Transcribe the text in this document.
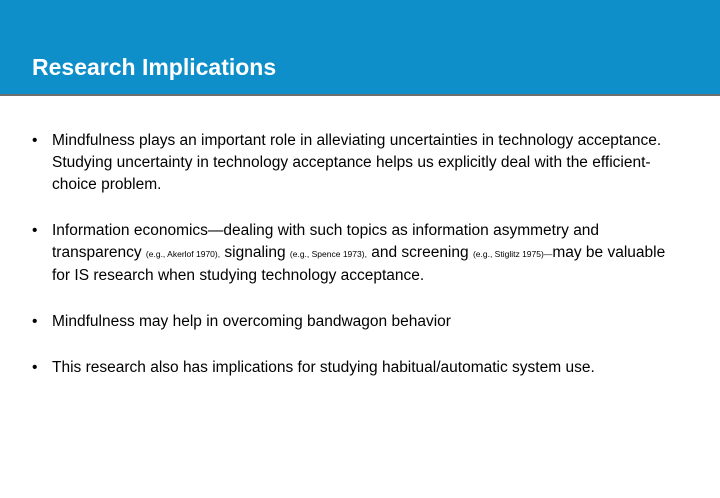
Research Implications
• Mindfulness plays an important role in alleviating uncertainties in technology acceptance. Studying uncertainty in technology acceptance helps us explicitly deal with the efficient-choice problem.
• Information economics—dealing with such topics as information asymmetry and transparency (e.g., Akerlof 1970), signaling (e.g., Spence 1973), and screening (e.g., Stiglitz 1975)—may be valuable for IS research when studying technology acceptance.
• Mindfulness may help in overcoming bandwagon behavior
• This research also has implications for studying habitual/automatic system use.
